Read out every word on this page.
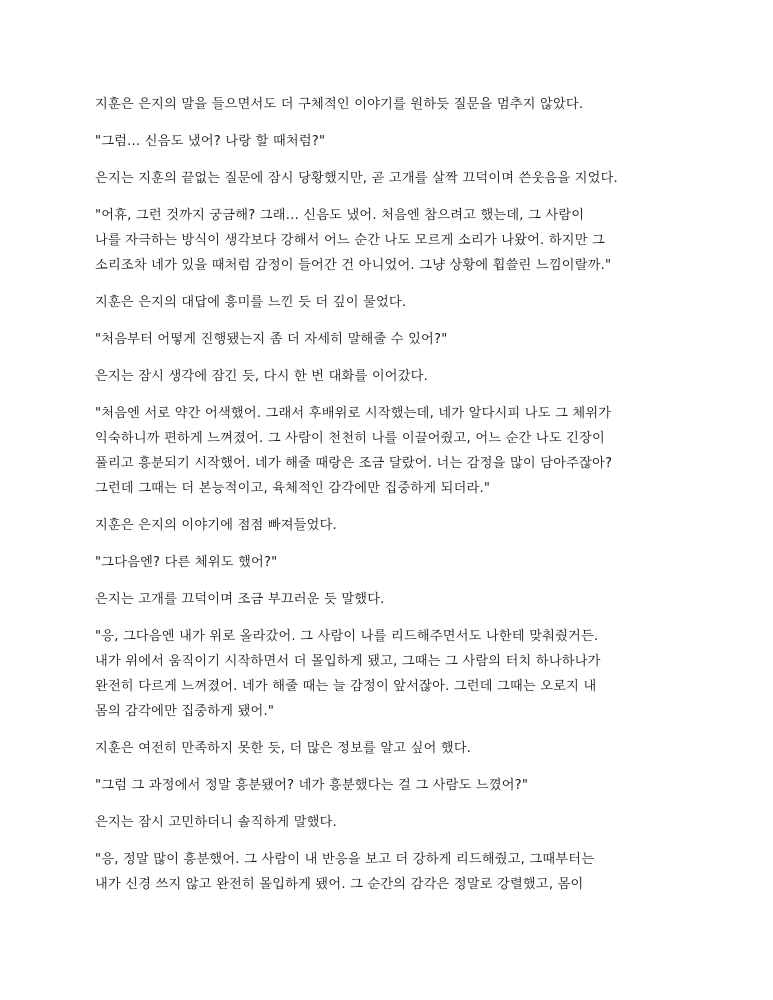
지훈은 은지의 말을 들으면서도 더 구체적인 이야기를 원하듯 질문을 멈추지 않았다.

"그럼... 신음도 냈어? 나랑 할 때처럼?"

은지는 지훈의 끝없는 질문에 잠시 당황했지만, 곧 고개를 살짝 끄덕이며 쓴웃음을 지었다.

"어휴, 그런 것까지 궁금해? 그래... 신음도 냈어. 처음엔 참으려고 했는데, 그 사람이
나를 자극하는 방식이 생각보다 강해서 어느 순간 나도 모르게 소리가 나왔어. 하지만 그
소리조차 네가 있을 때처럼 감정이 들어간 건 아니었어. 그냥 상황에 휩쓸린 느낌이랄까."

지훈은 은지의 대답에 흥미를 느낀 듯 더 깊이 물었다.

"처음부터 어떻게 진행됐는지 좀 더 자세히 말해줄 수 있어?"

은지는 잠시 생각에 잠긴 듯, 다시 한 번 대화를 이어갔다.

"처음엔 서로 약간 어색했어. 그래서 후배위로 시작했는데, 네가 알다시피 나도 그 체위가
익숙하니까 편하게 느껴졌어. 그 사람이 천천히 나를 이끌어줬고, 어느 순간 나도 긴장이
풀리고 흥분되기 시작했어. 네가 해줄 때랑은 조금 달랐어. 너는 감정을 많이 담아주잖아?
그런데 그때는 더 본능적이고, 육체적인 감각에만 집중하게 되더라."

지훈은 은지의 이야기에 점점 빠져들었다.

"그다음엔? 다른 체위도 했어?"

은지는 고개를 끄덕이며 조금 부끄러운 듯 말했다.

"응, 그다음엔 내가 위로 올라갔어. 그 사람이 나를 리드해주면서도 나한테 맞춰줬거든.
내가 위에서 움직이기 시작하면서 더 몰입하게 됐고, 그때는 그 사람의 터치 하나하나가
완전히 다르게 느껴졌어. 네가 해줄 때는 늘 감정이 앞서잖아. 그런데 그때는 오로지 내
몸의 감각에만 집중하게 됐어."

지훈은 여전히 만족하지 못한 듯, 더 많은 정보를 알고 싶어 했다.

"그럼 그 과정에서 정말 흥분됐어? 네가 흥분했다는 걸 그 사람도 느꼈어?"

은지는 잠시 고민하더니 솔직하게 말했다.

"응, 정말 많이 흥분했어. 그 사람이 내 반응을 보고 더 강하게 리드해줬고, 그때부터는
내가 신경 쓰지 않고 완전히 몰입하게 됐어. 그 순간의 감각은 정말로 강렬했고, 몸이
